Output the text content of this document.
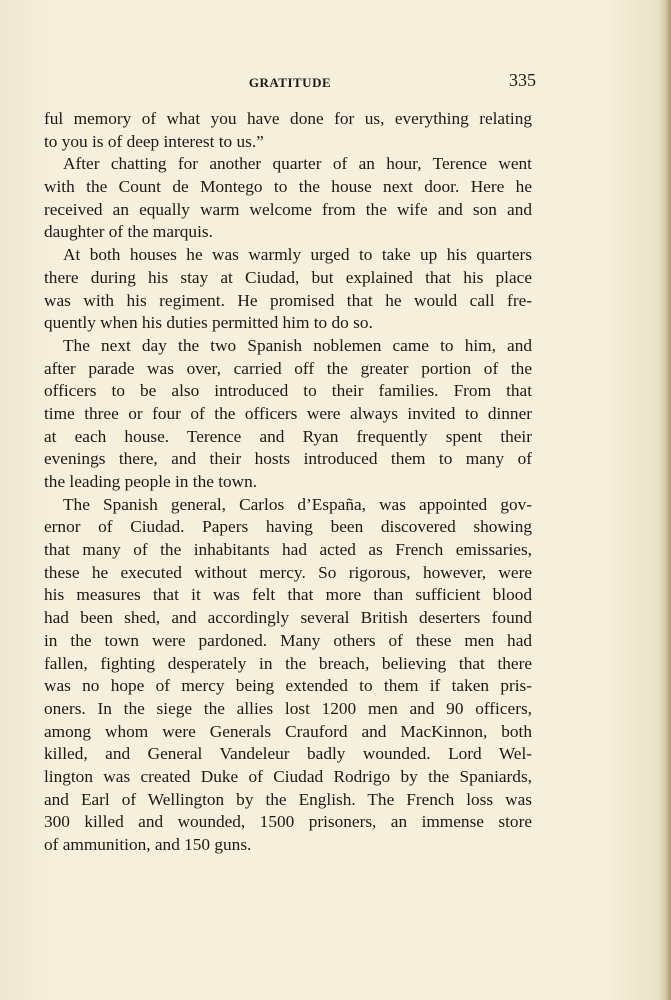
GRATITUDE	335
ful memory of what you have done for us, everything relating
to you is of deep interest to us.”
After chatting for another quarter of an hour, Terence went
with the Count de Montego to the house next door. Here he
received an equally warm welcome from the wife and son and
daughter of the marquis.
At both houses he was warmly urged to take up his quarters
there during his stay at Ciudad, but explained that his place
was with his regiment. He promised that he would call fre-
quently when his duties permitted him to do so.
The next day the two Spanish noblemen came to him, and
after parade was over, carried off the greater portion of the
officers to be also introduced to their families. From that
time three or four of the officers were always invited to dinner
at each house. Terence and Ryan frequently spent their
evenings there, and their hosts introduced them to many of
the leading people in the town.
The Spanish general, Carlos d’España, was appointed gov-
ernor of Ciudad. Papers having been discovered showing
that many of the inhabitants had acted as French emissaries,
these he executed without mercy. So rigorous, however, were
his measures that it was felt that more than sufficient blood
had been shed, and accordingly several British deserters found
in the town were pardoned. Many others of these men had
fallen, fighting desperately in the breach, believing that there
was no hope of mercy being extended to them if taken pris-
oners. In the siege the allies lost 1200 men and 90 officers,
among whom were Generals Crauford and MacKinnon, both
killed, and General Vandeleur badly wounded. Lord Wel-
lington was created Duke of Ciudad Rodrigo by the Spaniards,
and Earl of Wellington by the English. The French loss was
300 killed and wounded, 1500 prisoners, an immense store
of ammunition, and 150 guns.
